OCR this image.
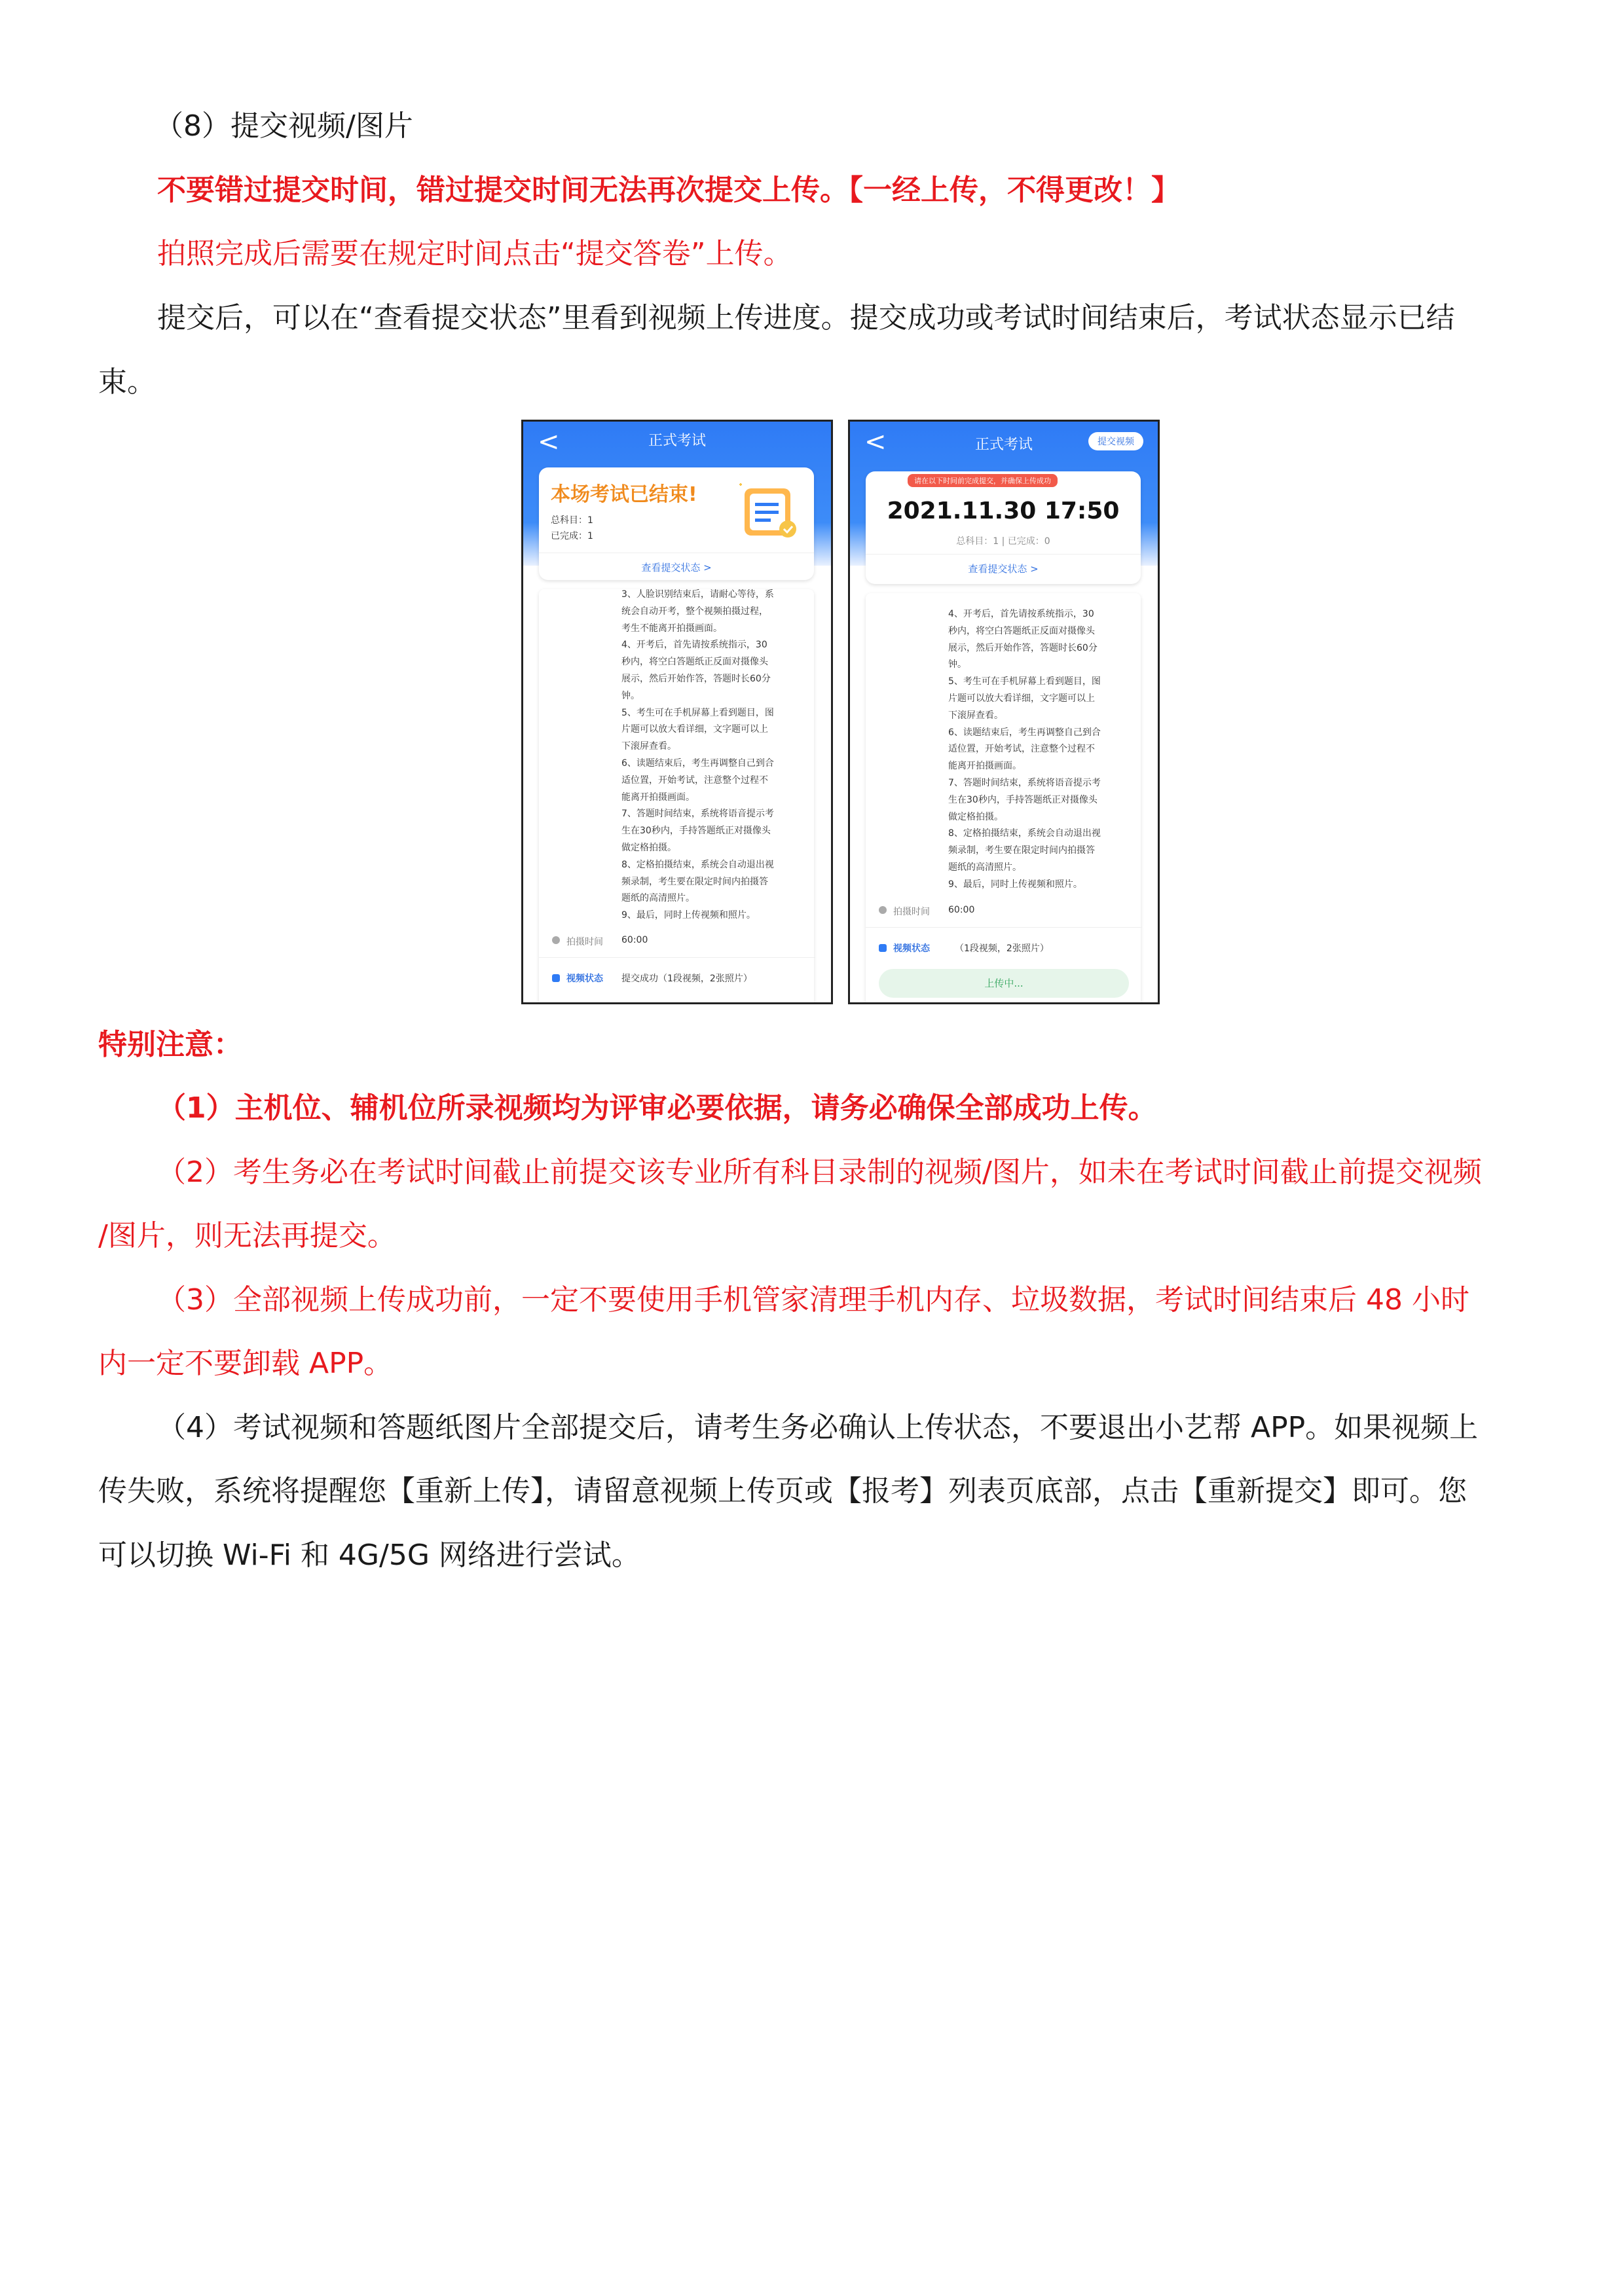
（8）提交视频/图片
不要错过提交时间，错过提交时间无法再次提交上传。【一经上传，不得更改！】
拍照完成后需要在规定时间点击“提交答卷”上传。
提交后，可以在“查看提交状态”里看到视频上传进度。提交成功或考试时间结束后，考试状态显示已结
束。
<	正式考试
本场考试已结束!
总科目：1
已完成：1
查看提交状态 >
3、人脸识别结束后，请耐心等待，系
统会自动开考，整个视频拍摄过程，
考生不能离开拍摄画面。
4、开考后，首先请按系统指示，30
秒内，将空白答题纸正反面对摄像头
展示，然后开始作答，答题时长60分
钟。
5、考生可在手机屏幕上看到题目，图
片题可以放大看详细，文字题可以上
下滚屏查看。
6、读题结束后，考生再调整自己到合
适位置，开始考试，注意整个过程不
能离开拍摄画面。
7、答题时间结束，系统将语音提示考
生在30秒内，手持答题纸正对摄像头
做定格拍摄。
8、定格拍摄结束，系统会自动退出视
频录制，考生要在限定时间内拍摄答
题纸的高清照片。
9、最后，同时上传视频和照片。
拍摄时间 60:00
视频状态 提交成功（1段视频，2张照片）
<	正式考试	提交视频
请在以下时间前完成提交，并确保上传成功
2021.11.30 17:50
总科目：1 | 已完成：0
查看提交状态 >
4、开考后，首先请按系统指示，30
秒内，将空白答题纸正反面对摄像头
展示，然后开始作答，答题时长60分
钟。
5、考生可在手机屏幕上看到题目，图
片题可以放大看详细，文字题可以上
下滚屏查看。
6、读题结束后，考生再调整自己到合
适位置，开始考试，注意整个过程不
能离开拍摄画面。
7、答题时间结束，系统将语音提示考
生在30秒内，手持答题纸正对摄像头
做定格拍摄。
8、定格拍摄结束，系统会自动退出视
频录制，考生要在限定时间内拍摄答
题纸的高清照片。
9、最后，同时上传视频和照片。
拍摄时间 60:00
视频状态	（1段视频，2张照片）
上传中...
特别注意：
（1）主机位、辅机位所录视频均为评审必要依据，请务必确保全部成功上传。
（2）考生务必在考试时间截止前提交该专业所有科目录制的视频/图片，如未在考试时间截止前提交视频
/图片，则无法再提交。
（3）全部视频上传成功前，一定不要使用手机管家清理手机内存、垃圾数据，考试时间结束后 48 小时
内一定不要卸载 APP。
（4）考试视频和答题纸图片全部提交后，请考生务必确认上传状态，不要退出小艺帮 APP。如果视频上
传失败，系统将提醒您【重新上传】，请留意视频上传页或【报考】列表页底部，点击【重新提交】即可。您
可以切换 Wi-Fi 和 4G/5G 网络进行尝试。
